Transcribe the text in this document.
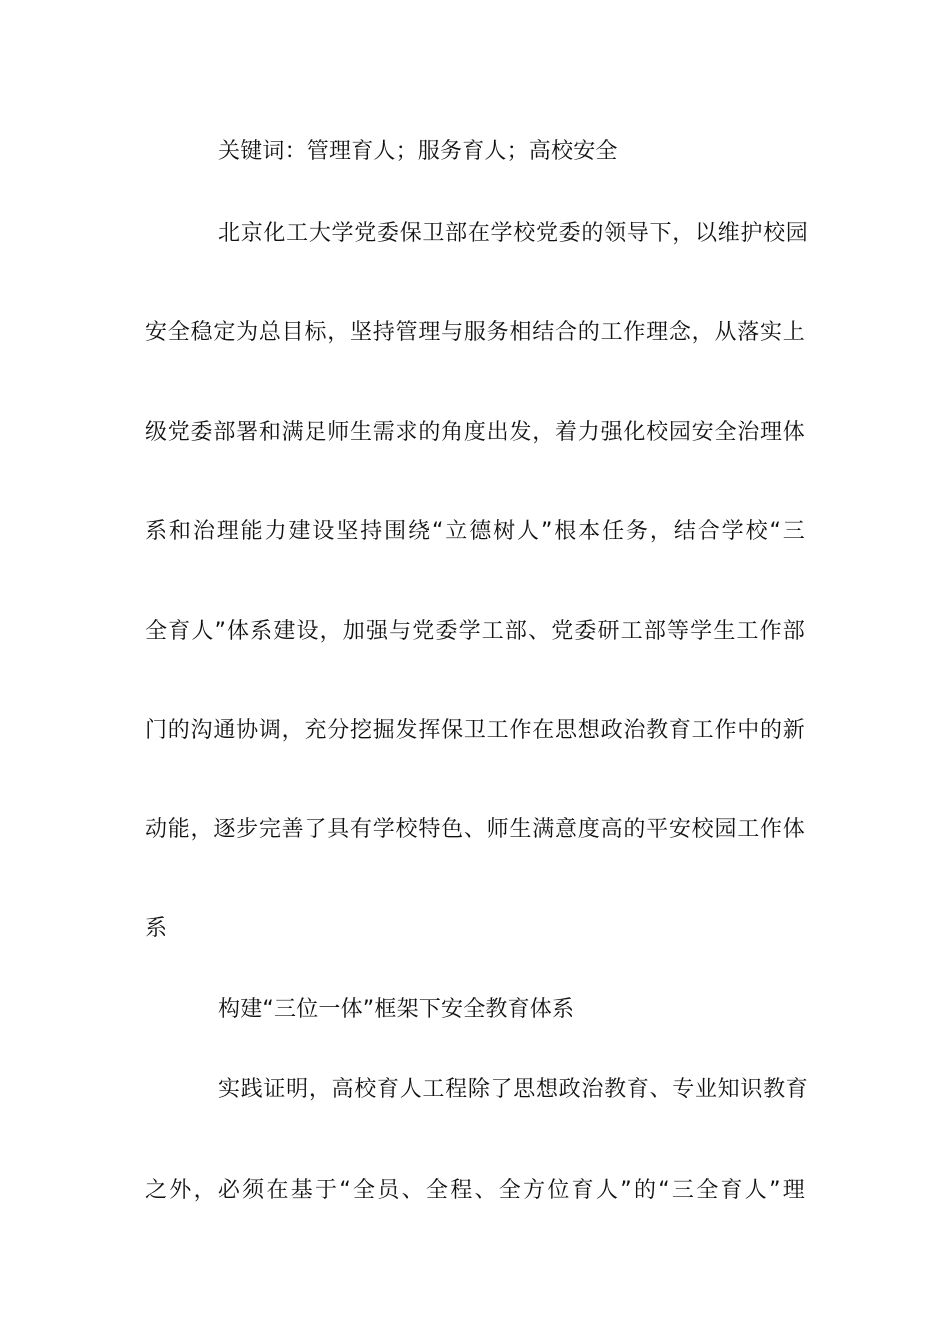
关键词：管理育人；服务育人；高校安全
北京化工大学党委保卫部在学校党委的领导下，以维护校园
安全稳定为总目标，坚持管理与服务相结合的工作理念，从落实上
级党委部署和满足师生需求的角度出发，着力强化校园安全治理体
系和治理能力建设坚持围绕“立德树人”根本任务，结合学校“三
全育人”体系建设，加强与党委学工部、党委研工部等学生工作部
门的沟通协调，充分挖掘发挥保卫工作在思想政治教育工作中的新
动能，逐步完善了具有学校特色、师生满意度高的平安校园工作体
系
构建“三位一体”框架下安全教育体系
实践证明，高校育人工程除了思想政治教育、专业知识教育
之外，必须在基于“全员、全程、全方位育人”的“三全育人”理
